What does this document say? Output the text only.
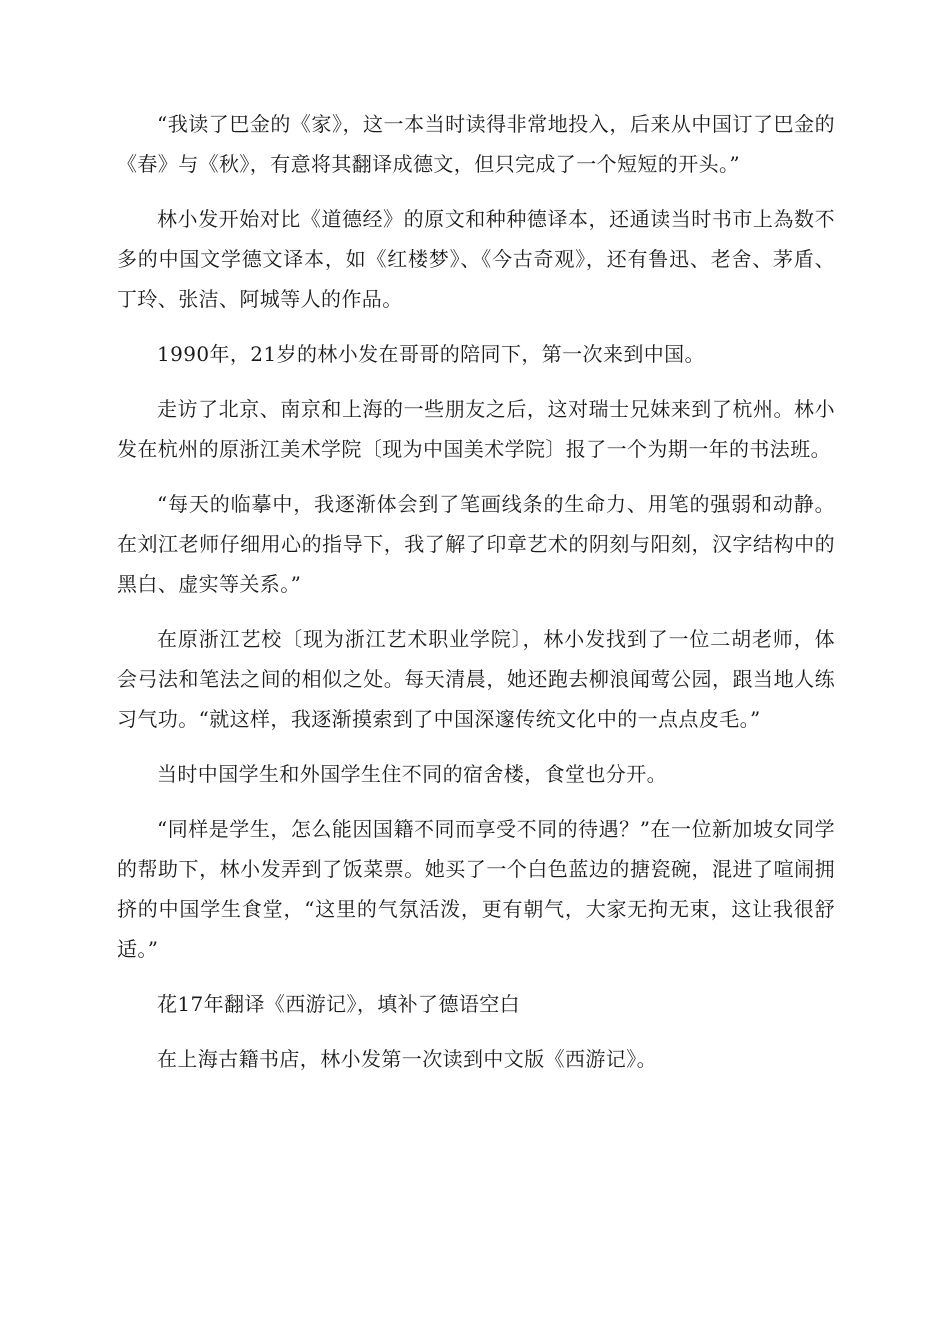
“我读了巴金的《家》，这一本当时读得非常地投入，后来从中国订了巴金的《春》与《秋》，有意将其翻译成德文，但只完成了一个短短的开头。”

林小发开始对比《道德经》的原文和种种德译本，还通读当时书市上為数不多的中国文学德文译本，如《红楼梦》、《今古奇观》，还有鲁迅、老舍、茅盾、丁玲、张洁、阿城等人的作品。

1990年，21岁的林小发在哥哥的陪同下，第一次来到中国。

走访了北京、南京和上海的一些朋友之后，这对瑞士兄妹来到了杭州。林小发在杭州的原浙江美术学院〔现为中国美术学院〕报了一个为期一年的书法班。

“每天的临摹中，我逐渐体会到了笔画线条的生命力、用笔的强弱和动静。在刘江老师仔细用心的指导下，我了解了印章艺术的阴刻与阳刻，汉字结构中的黑白、虚实等关系。”

在原浙江艺校〔现为浙江艺术职业学院〕，林小发找到了一位二胡老师，体会弓法和笔法之间的相似之处。每天清晨，她还跑去柳浪闻莺公园，跟当地人练习气功。“就这样，我逐渐摸索到了中国深邃传统文化中的一点点皮毛。”

当时中国学生和外国学生住不同的宿舍楼，食堂也分开。

“同样是学生，怎么能因国籍不同而享受不同的待遇？”在一位新加坡女同学的帮助下，林小发弄到了饭菜票。她买了一个白色蓝边的搪瓷碗，混进了喧闹拥挤的中国学生食堂，“这里的气氛活泼，更有朝气，大家无拘无束，这让我很舒适。”

花17年翻译《西游记》，填补了德语空白

在上海古籍书店，林小发第一次读到中文版《西游记》。
